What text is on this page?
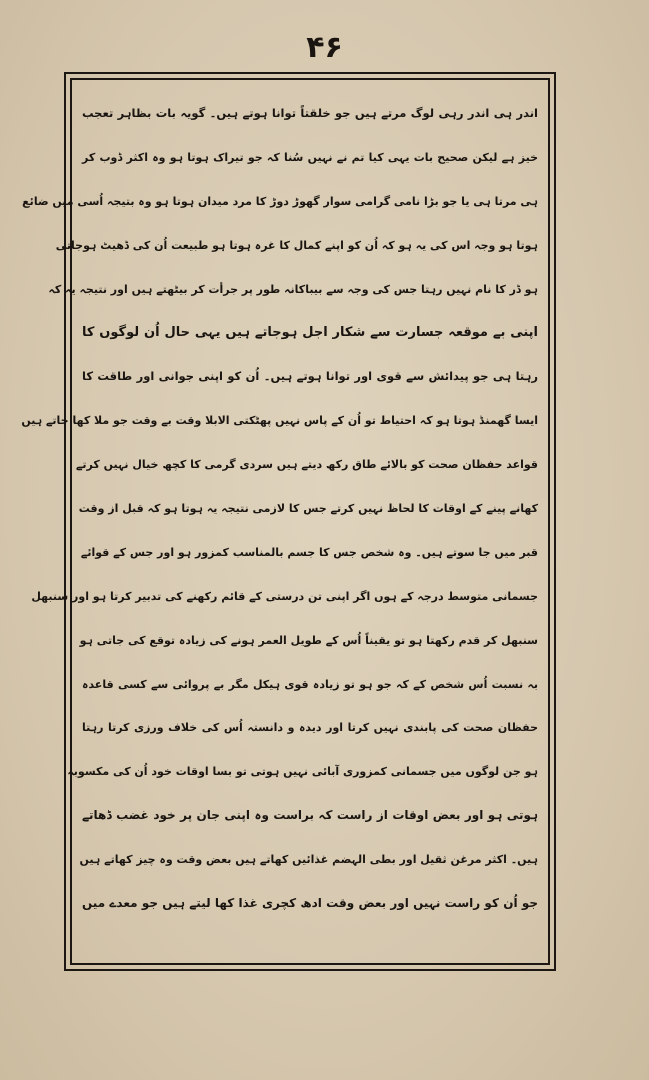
۴۶
اندر ہی اندر رہی لوگ مرتے ہیں جو خلقتاً توانا ہوتے ہیں۔ گویہ بات بظاہر تعجب
خیز ہے لیکن صحیح بات یہی کیا تم نے نہیں سُنا کہ جو تیراک ہوتا ہو وہ اکثر ڈوب کر
ہی مرتا ہی یا جو بڑا نامی گرامی سوار گھوڑ دوڑ کا مرد میدان ہوتا ہو وہ بتیجہ اُسی میں ضائع
ہوتا ہو وجہ اس کی یہ ہو کہ اُن کو اپنے کمال کا غرہ ہوتا ہو طبیعت اُن کی ڈھیٹ ہوجاتی
ہو ڈر کا نام نہیں رہتا جس کی وجہ سے بیباکانہ طور پر جرأت کر بیٹھتے ہیں اور نتیجہ یہ کہ
اپنی بے موقعہ جسارت سے شکار اجل ہوجاتے ہیں یہی حال اُن لوگوں کا
رہتا ہی جو پیدائش سے قوی اور توانا ہوتے ہیں۔ اُن کو اپنی جوانی اور طاقت کا
ایسا گھمنڈ ہوتا ہو کہ احتیاط تو اُن کے پاس نہیں پھٹکتی الابلا وقت بے وقت جو ملا کھا جاتے ہیں
قواعد حفظان صحت کو بالائے طاق رکھ دیتے ہیں سردی گرمی کا کچھ خیال نہیں کرتے
کھانے پینے کے اوقات کا لحاظ نہیں کرتے جس کا لازمی نتیجہ یہ ہوتا ہو کہ قبل از وقت
قبر میں جا سوتے ہیں۔ وہ شخص جس کا جسم بالمناسب کمزور ہو اور جس کے قوائے
جسمانی متوسط درجہ کے ہوں اگر اپنی تن درستی کے قائم رکھنے کی تدبیر کرتا ہو اور سنبھل
سنبھل کر قدم رکھتا ہو تو یقیناً اُس کے طویل العمر ہونے کی زیادہ توقع کی جاتی ہو
بہ نسبت اُس شخص کے کہ جو ہو تو زیادہ قوی ہیکل مگر بے پروائی سے کسی قاعدہ
حفظان صحت کی پابندی نہیں کرتا اور دیدہ و دانستہ اُس کی خلاف ورزی کرتا رہتا
ہو جن لوگوں میں جسمانی کمزوری آبائی نہیں ہوتی تو بسا اوقات خود اُن کی مکسوبہ
ہوتی ہو اور بعض اوقات از راست کہ براست وہ اپنی جان پر خود غضب ڈھاتے
ہیں۔ اکثر مرغن ثقیل اور بطی الہضم غذائیں کھاتے ہیں بعض وقت وہ چیز کھاتے ہیں
جو اُن کو راست نہیں اور بعض وقت ادھ کچری غذا کھا لیتے ہیں جو معدے میں
